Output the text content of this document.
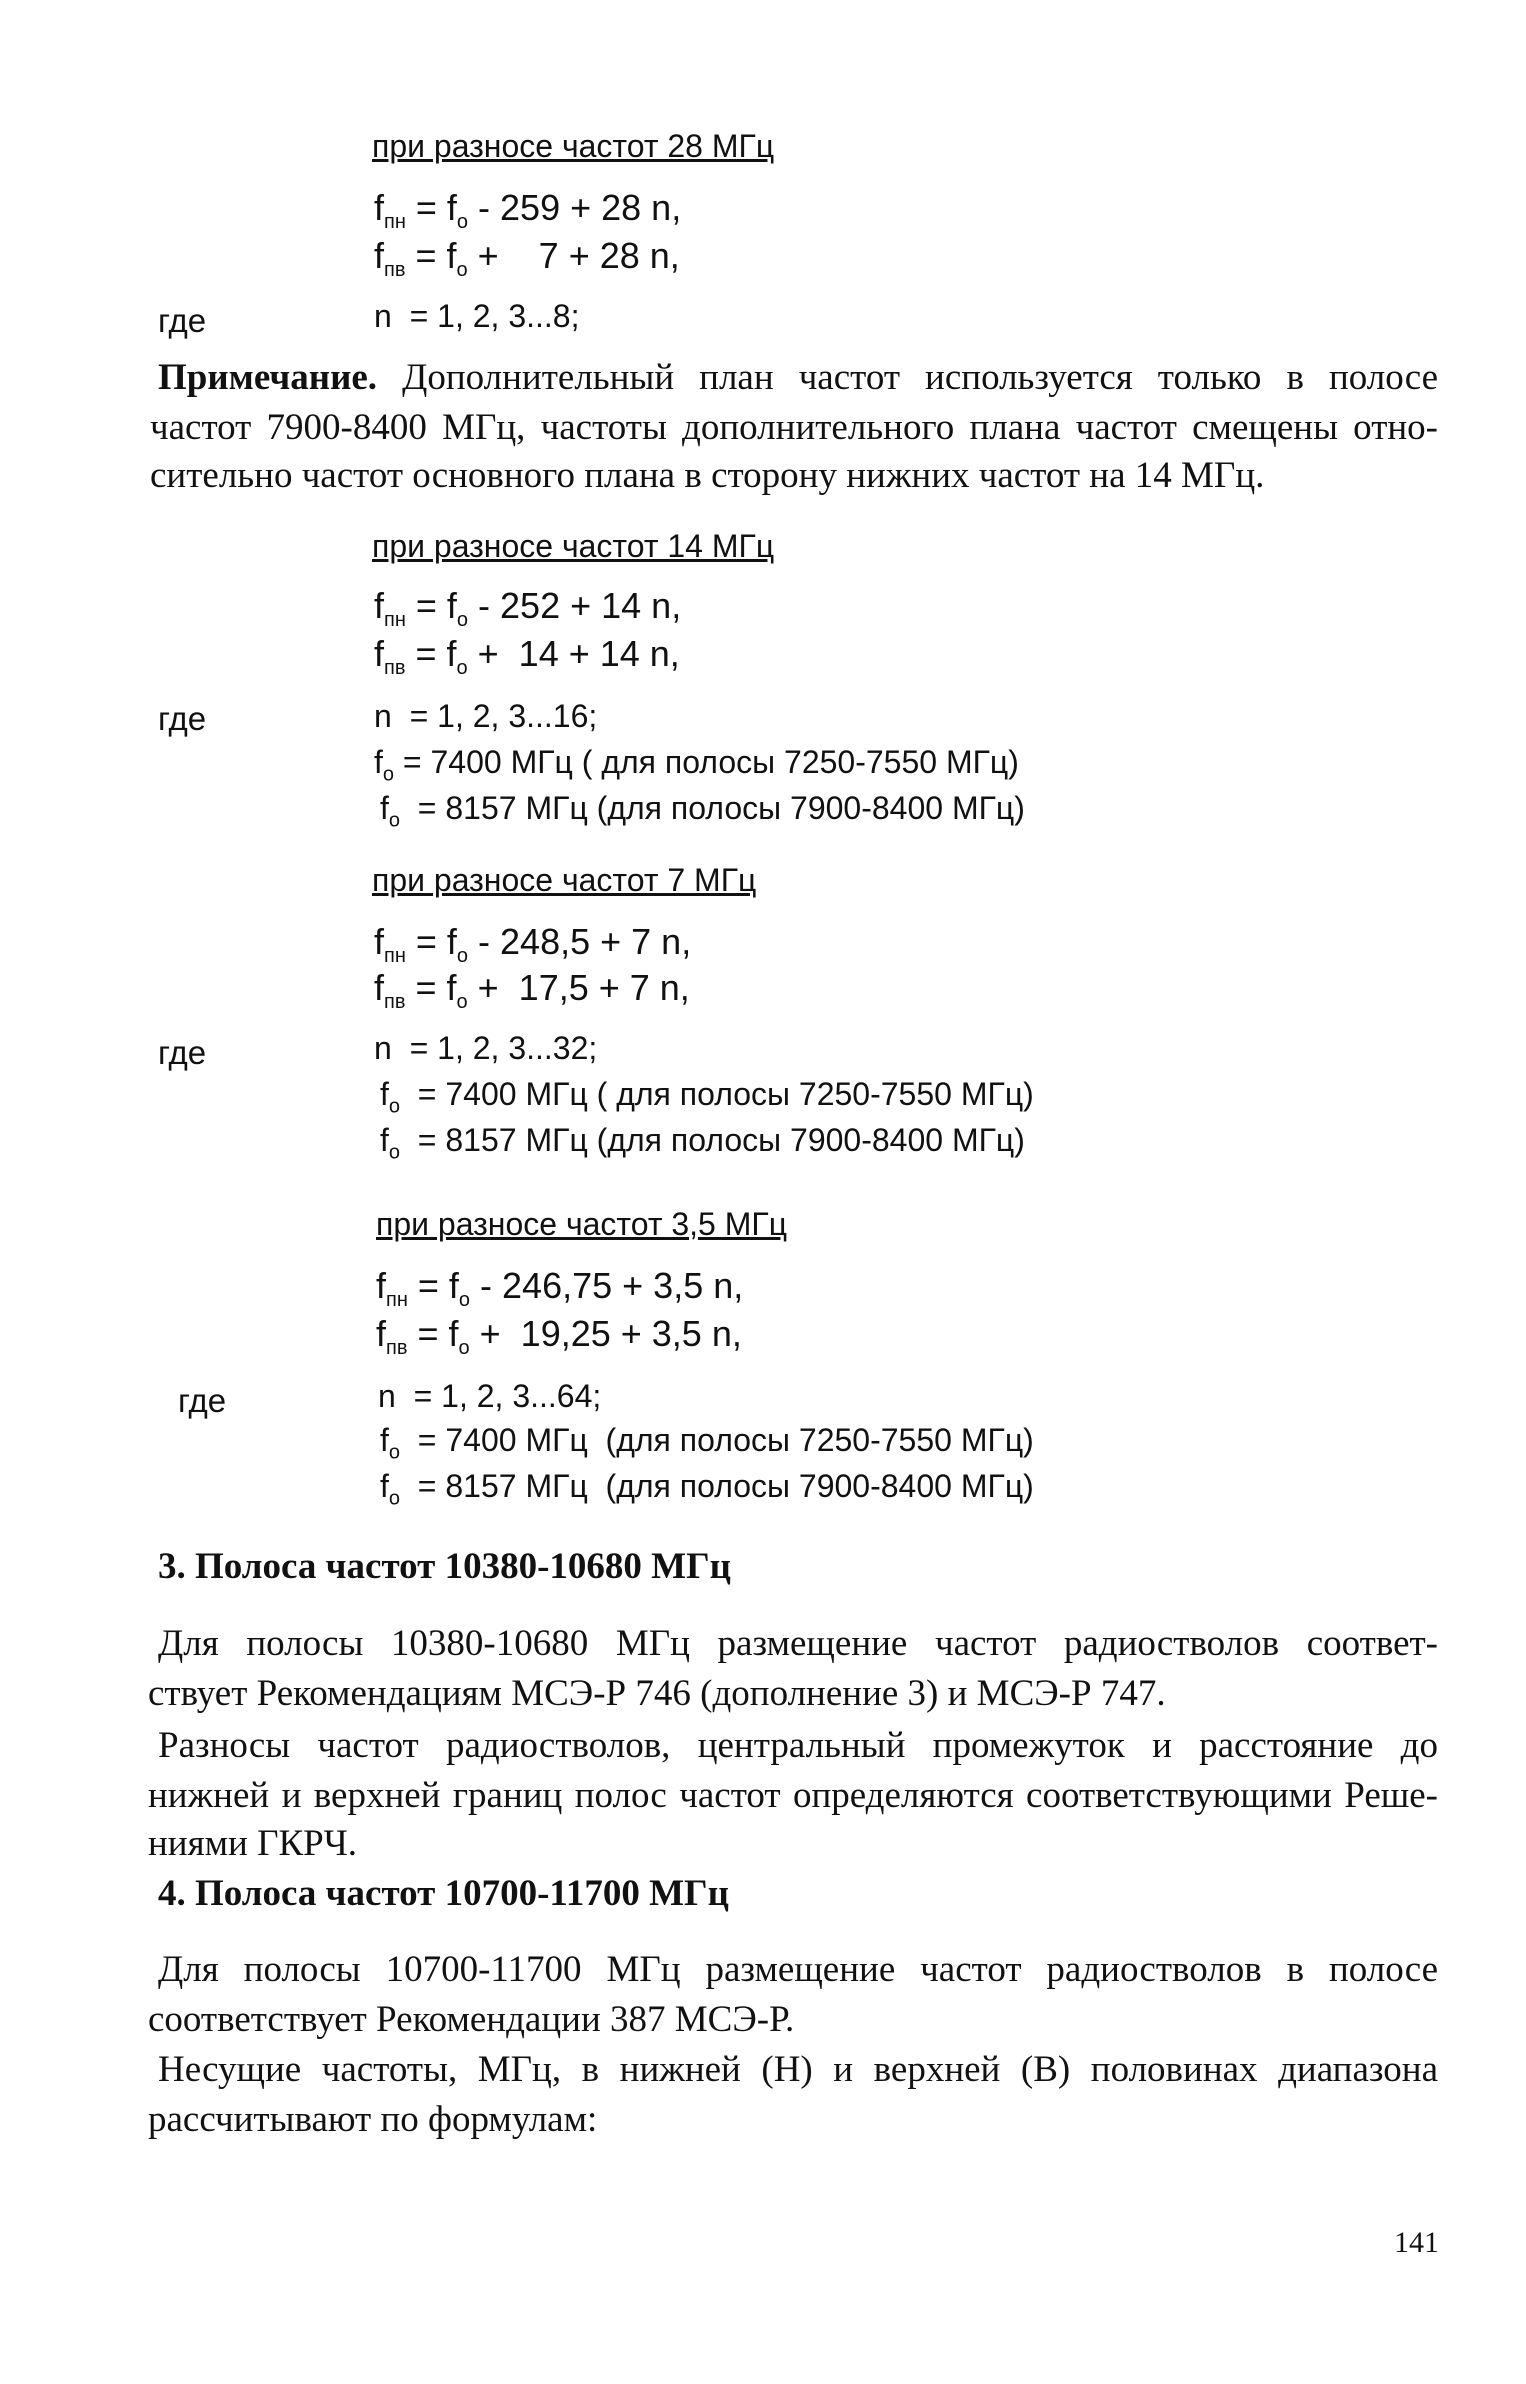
при разносе частот 28 МГц
$f_{пн} = f_о - 259 + 28$ n,
$f_{пв} = f_о$ +    7 + 28 n,
где	n  = 1, 2, 3...8;
Примечание. Дополнительный план частот используется только в полосе
частот 7900-8400 МГц, частоты дополнительного плана частот смещены отно-
сительно частот основного плана в сторону нижних частот на 14 МГц.
при разносе частот 14 МГц
$f_{пн} = f_о - 252 + 14$ n,
$f_{пв} = f_о + 14 + 14$ n,
где	n  = 1, 2, 3...16;
$f_о = 7400$ МГц ( для полосы 7250-7550 МГц)
$f_о = 8157$ МГц (для полосы 7900-8400 МГц)
при разносе частот 7 МГц
$f_{пн} = f_о - 248,5 + 7$ n,
$f_{пв} = f_о + 17,5 + 7$ n,
где	n  = 1, 2, 3...32;
$f_о = 7400$ МГц ( для полосы 7250-7550 МГц)
$f_о = 8157$ МГц (для полосы 7900-8400 МГц)
при разносе частот 3,5 МГц
$f_{пн} = f_о - 246,75 + 3,5$ n,
$f_{пв} = f_о + 19,25 + 3,5$ n,
где	n  = 1, 2, 3...64;
$f_о = 7400$ МГц  (для полосы 7250-7550 МГц)
$f_о = 8157$ МГц  (для полосы 7900-8400 МГц)
3. Полоса частот 10380-10680 МГц
Для полосы 10380-10680 МГц размещение частот радиостволов соответ-
ствует Рекомендациям МСЭ-Р 746 (дополнение 3) и МСЭ-Р 747.
Разносы частот радиостволов, центральный промежуток и расстояние до
нижней и верхней границ полос частот определяются соответствующими Реше-
ниями ГКРЧ.
4. Полоса частот 10700-11700 МГц
Для полосы 10700-11700 МГц размещение частот радиостволов в полосе
соответствует Рекомендации 387 МСЭ-Р.
Несущие частоты, МГц, в нижней (Н) и верхней (В) половинах диапазона
рассчитывают по формулам:
141
